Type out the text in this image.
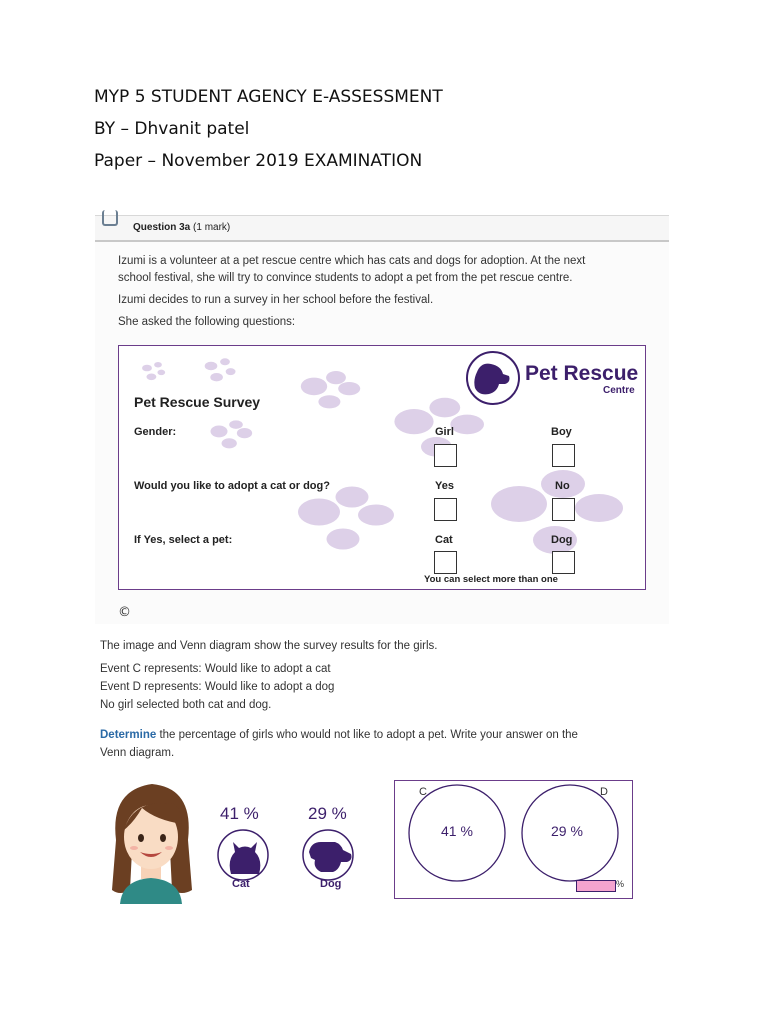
MYP 5 STUDENT AGENCY E-ASSESSMENT
BY – Dhvanit patel
Paper – November 2019 EXAMINATION
Question 3a (1 mark)
Izumi is a volunteer at a pet rescue centre which has cats and dogs for adoption. At the next
school festival, she will try to convince students to adopt a pet from the pet rescue centre.
Izumi decides to run a survey in her school before the festival.
She asked the following questions:
Pet Rescue
Centre
Pet Rescue Survey
Gender:	Girl	Boy
Would you like to adopt a cat or dog?	Yes	No
If Yes, select a pet:	Cat	Dog
You can select more than one
©
The image and Venn diagram show the survey results for the girls.
Event C represents: Would like to adopt a cat
Event D represents: Would like to adopt a dog
No girl selected both cat and dog.
Determine the percentage of girls who would not like to adopt a pet. Write your answer on the
Venn diagram.
41 %
Cat
29 %
Dog
C	D
41 %	29 %
%
